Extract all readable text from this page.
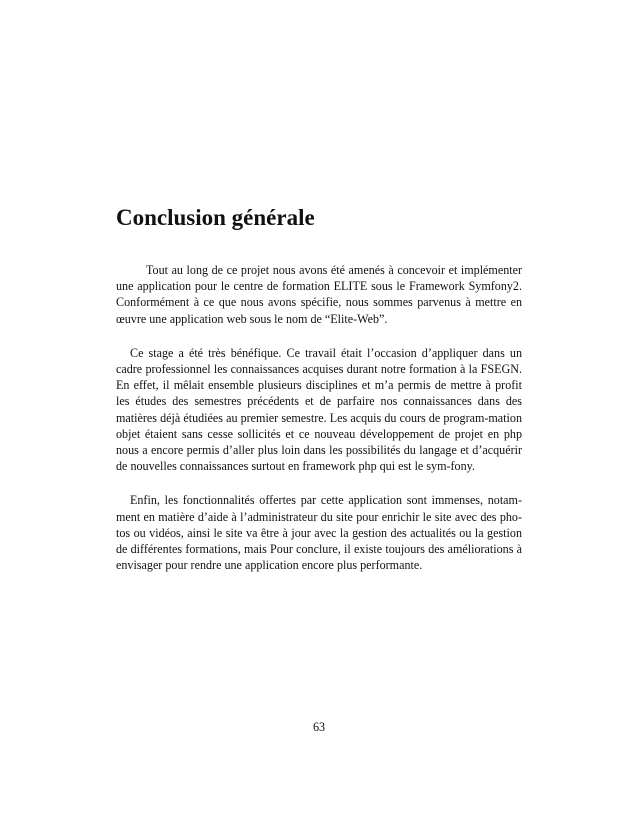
Conclusion générale

Tout au long de ce projet nous avons été amenés à concevoir et implémenter une application pour le centre de formation ELITE sous le Framework Symfony2. Conformément à ce que nous avons spécifie, nous sommes parvenus à mettre en œuvre une application web sous le nom de “Elite-Web”.

Ce stage a été très bénéfique. Ce travail était l’occasion d’appliquer dans un cadre professionnel les connaissances acquises durant notre formation à la FSEGN. En effet, il mêlait ensemble plusieurs disciplines et m’a permis de mettre à profit les études des semestres précédents et de parfaire nos connaissances dans des matières déjà étudiées au premier semestre. Les acquis du cours de program-mation objet étaient sans cesse sollicités et ce nouveau développement de projet en php nous a encore permis d’aller plus loin dans les possibilités du langage et d’acquérir de nouvelles connaissances surtout en framework php qui est le sym-fony.

Enfin, les fonctionnalités offertes par cette application sont immenses, notam-ment en matière d’aide à l’administrateur du site pour enrichir le site avec des pho-tos ou vidéos, ainsi le site va être à jour avec la gestion des actualités ou la gestion de différentes formations, mais Pour conclure, il existe toujours des améliorations à envisager pour rendre une application encore plus performante.

63
